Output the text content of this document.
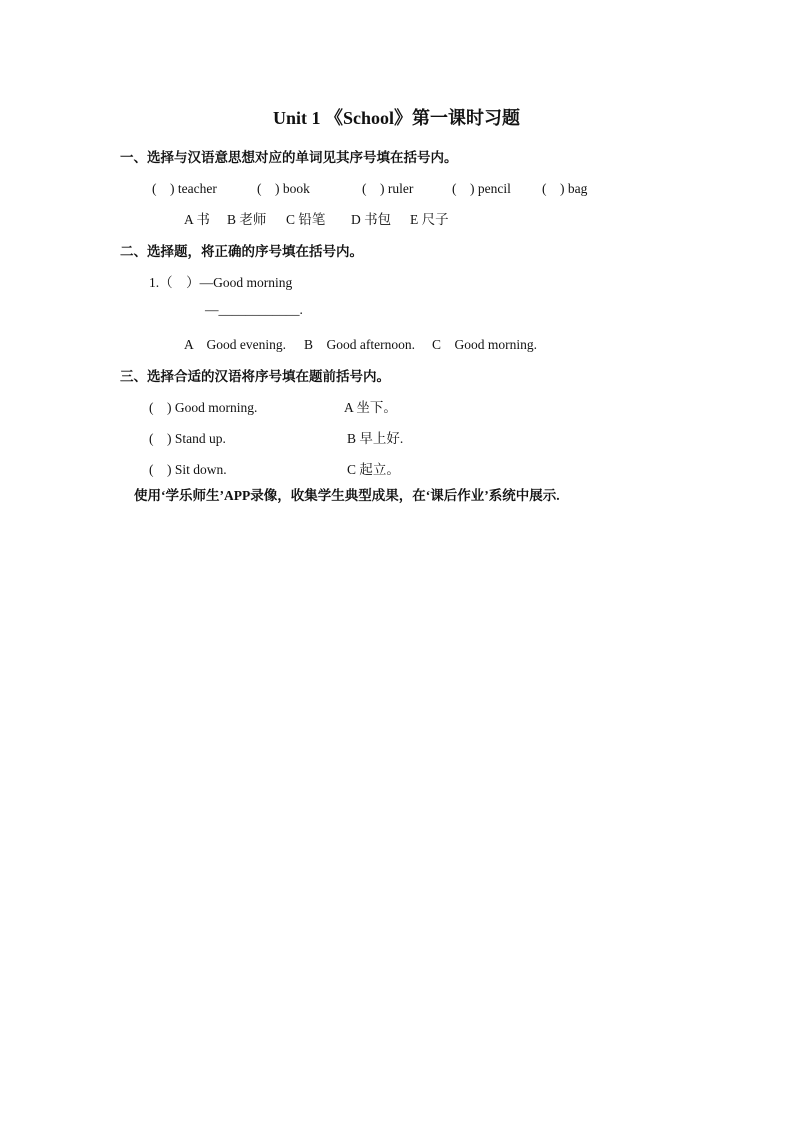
Unit 1 《School》第一课时习题
一、选择与汉语意思想对应的单词见其序号填在括号内。
(　) teacher	(　) book	(　) ruler	(　) pencil (　) bag
A 书 B 老师 C 铅笔 D 书包 E 尺子
二、选择题，将正确的序号填在括号内。
1.（　）—Good morning
—____________.
A　Good evening. B　Good afternoon. C　Good morning.
三、选择合适的汉语将序号填在题前括号内。
(　) Good morning.	A 坐下。
(　) Stand up.	B 早上好.
(　) Sit down.	C 起立。
使用‘学乐师生’APP录像，收集学生典型成果，在‘课后作业’系统中展示.
